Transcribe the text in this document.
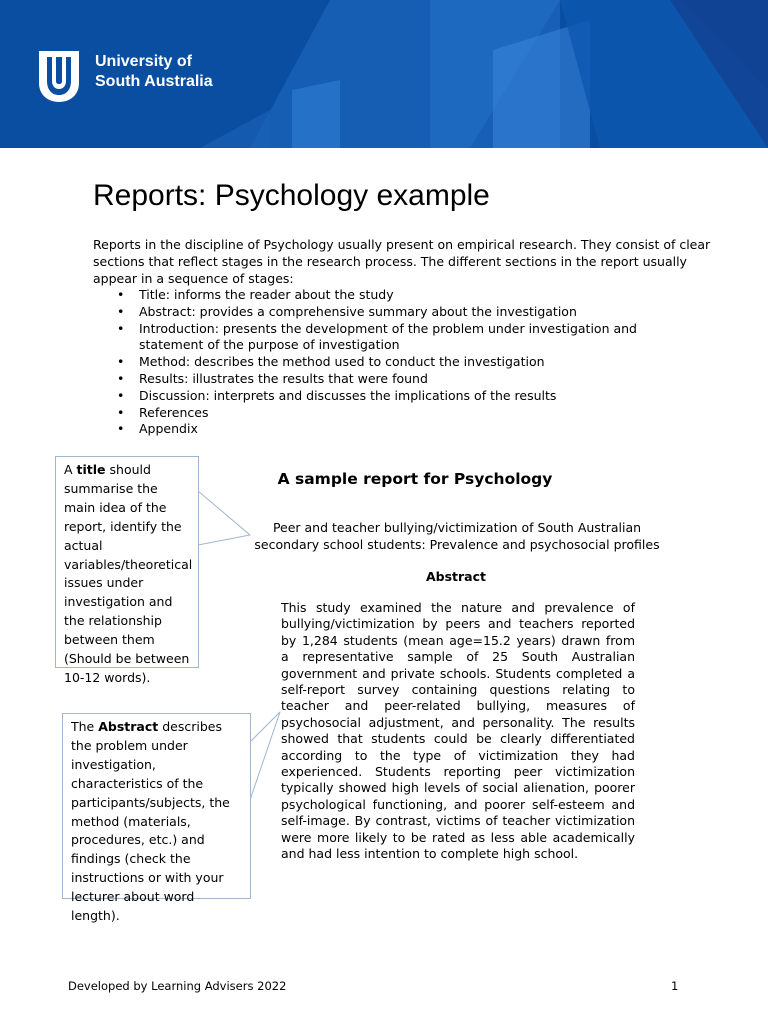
University of
South Australia
Reports: Psychology example

Reports in the discipline of Psychology usually present on empirical research. They consist of clear sections that reflect stages in the research process. The different sections in the report usually appear in a sequence of stages:

• Title: informs the reader about the study
• Abstract: provides a comprehensive summary about the investigation
• Introduction: presents the development of the problem under investigation and statement of the purpose of investigation
• Method: describes the method used to conduct the investigation
• Results: illustrates the results that were found
• Discussion: interprets and discusses the implications of the results
• References
• Appendix
A title should summarise the main idea of the report, identify the actual variables/theoretical issues under investigation and the relationship between them (Should be between 10-12 words).
The Abstract describes the problem under investigation, characteristics of the participants/subjects, the method (materials, procedures, etc.) and findings (check the instructions or with your lecturer about word length).
A sample report for Psychology

Peer and teacher bullying/victimization of South Australian secondary school students: Prevalence and psychosocial profiles

Abstract

This study examined the nature and prevalence of bullying/victimization by peers and teachers reported by 1,284 students (mean age=15.2 years) drawn from a representative sample of 25 South Australian government and private schools. Students completed a self-report survey containing questions relating to teacher and peer-related bullying, measures of psychosocial adjustment, and personality. The results showed that students could be clearly differentiated according to the type of victimization they had experienced. Students reporting peer victimization typically showed high levels of social alienation, poorer psychological functioning, and poorer self-esteem and self-image. By contrast, victims of teacher victimization were more likely to be rated as less able academically and had less intention to complete high school.

Developed by Learning Advisers 2022	1
